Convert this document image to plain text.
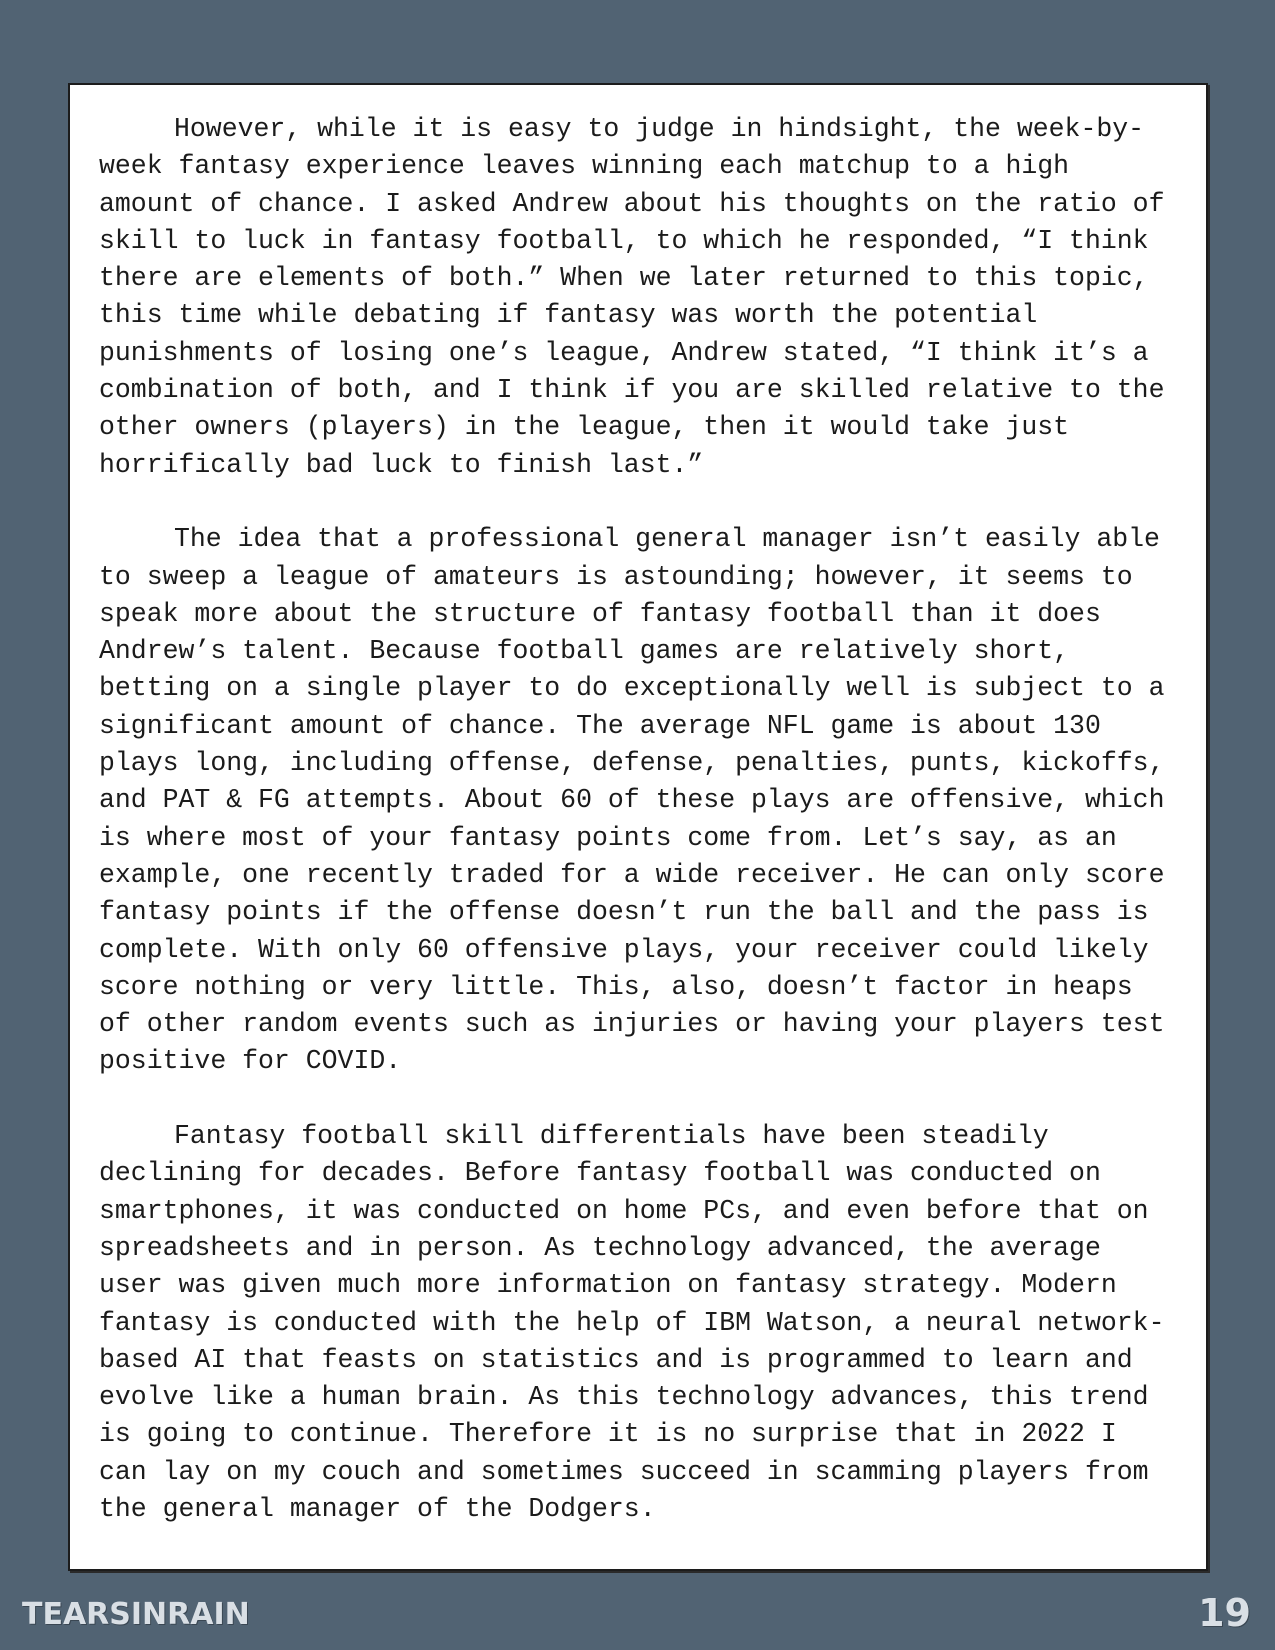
However, while it is easy to judge in hindsight, the week-by-week fantasy experience leaves winning each matchup to a high amount of chance. I asked Andrew about his thoughts on the ratio of skill to luck in fantasy football, to which he responded, “I think there are elements of both.” When we later returned to this topic, this time while debating if fantasy was worth the potential punishments of losing one’s league, Andrew stated, “I think it’s a combination of both, and I think if you are skilled relative to the other owners (players) in the league, then it would take just horrifically bad luck to finish last.”

The idea that a professional general manager isn’t easily able to sweep a league of amateurs is astounding; however, it seems to speak more about the structure of fantasy football than it does Andrew’s talent. Because football games are relatively short, betting on a single player to do exceptionally well is subject to a significant amount of chance. The average NFL game is about 130 plays long, including offense, defense, penalties, punts, kickoffs, and PAT & FG attempts. About 60 of these plays are offensive, which is where most of your fantasy points come from. Let’s say, as an example, one recently traded for a wide receiver. He can only score fantasy points if the offense doesn’t run the ball and the pass is complete. With only 60 offensive plays, your receiver could likely score nothing or very little. This, also, doesn’t factor in heaps of other random events such as injuries or having your players test positive for COVID.

Fantasy football skill differentials have been steadily declining for decades. Before fantasy football was conducted on smartphones, it was conducted on home PCs, and even before that on spreadsheets and in person. As technology advanced, the average user was given much more information on fantasy strategy. Modern fantasy is conducted with the help of IBM Watson, a neural network-based AI that feasts on statistics and is programmed to learn and evolve like a human brain. As this technology advances, this trend is going to continue. Therefore it is no surprise that in 2022 I can lay on my couch and sometimes succeed in scamming players from the general manager of the Dodgers.

TEARSINRAIN	19
